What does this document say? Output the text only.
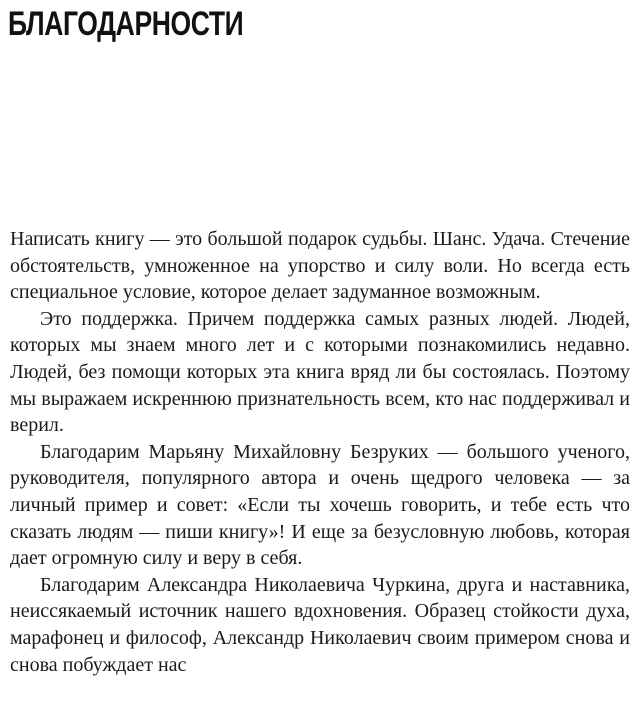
БЛАГОДАРНОСТИ

Написать книгу — это большой подарок судьбы. Шанс. Удача. Стечение обстоятельств, умноженное на упорство и силу воли. Но всегда есть специальное условие, которое делает задуманное возможным.

Это поддержка. Причем поддержка самых разных людей. Людей, которых мы знаем много лет и с которыми познакомились недавно. Людей, без помощи которых эта книга вряд ли бы состоялась. Поэтому мы выражаем искреннюю признательность всем, кто нас поддерживал и верил.

Благодарим Марьяну Михайловну Безруких — большого ученого, руководителя, популярного автора и очень щедрого человека — за личный пример и совет: «Если ты хочешь говорить, и тебе есть что сказать людям — пиши книгу»! И еще за безусловную любовь, которая дает огромную силу и веру в себя.

Благодарим Александра Николаевича Чуркина, друга и наставника, неиссякаемый источник нашего вдохновения. Образец стойкости духа, марафонец и философ, Александр Николаевич своим примером снова и снова побуждает нас
